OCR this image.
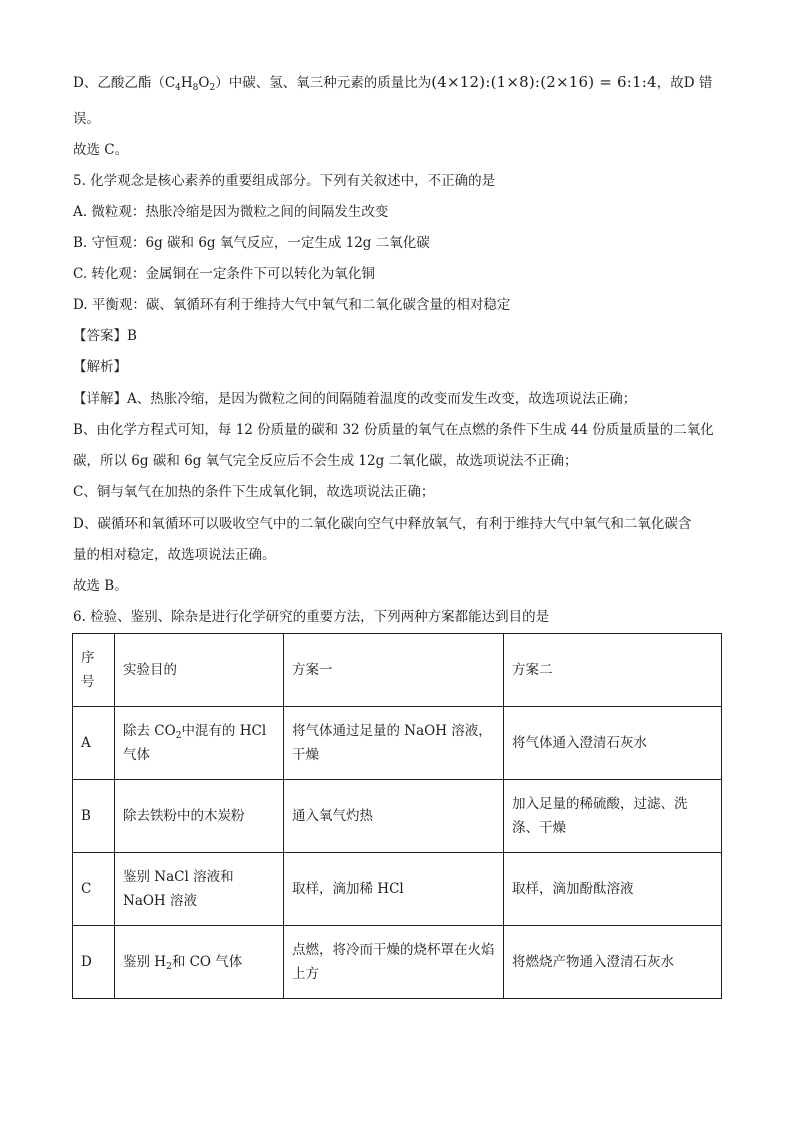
D、乙酸乙酯$(C_4H_8O_2)$中碳、氢、氧三种元素的质量比为(4×12):(1×8):(2×16) = 6:1:4，故D 错
误。
故选 C。
5. 化学观念是核心素养的重要组成部分。下列有关叙述中，不正确的是
A. 微粒观：热胀冷缩是因为微粒之间的间隔发生改变
B. 守恒观：6g 碳和 6g 氧气反应，一定生成 12g 二氧化碳
C. 转化观：金属铜在一定条件下可以转化为氧化铜
D. 平衡观：碳、氧循环有利于维持大气中氧气和二氧化碳含量的相对稳定
【答案】B
【解析】
【详解】A、热胀冷缩，是因为微粒之间的间隔随着温度的改变而发生改变，故选项说法正确；
B、由化学方程式可知，每 12 份质量的碳和 32 份质量的氧气在点燃的条件下生成 44 份质量质量的二氧化
碳，所以 6g 碳和 6g 氧气完全反应后不会生成 12g 二氧化碳，故选项说法不正确；
C、铜与氧气在加热的条件下生成氧化铜，故选项说法正确；
D、碳循环和氧循环可以吸收空气中的二氧化碳向空气中释放氧气，有利于维持大气中氧气和二氧化碳含
量的相对稳定，故选项说法正确。
故选 B。
6. 检验、鉴别、除杂是进行化学研究的重要方法，下列两种方案都能达到目的是
序号	实验目的	方案一	方案二
A	除去 $CO_2$中混有的 HCl 气体	将气体通过足量的 NaOH 溶液，干燥	将气体通入澄清石灰水
B	除去铁粉中的木炭粉	通入氧气灼热	加入足量的稀硫酸，过滤、洗涤、干燥
C	鉴别 NaCl 溶液和 NaOH 溶液	取样，滴加稀 HCl	取样，滴加酚酞溶液
D	鉴别 $H_2$和 CO 气体	点燃，将冷而干燥的烧杯罩在火焰上方	将燃烧产物通入澄清石灰水
